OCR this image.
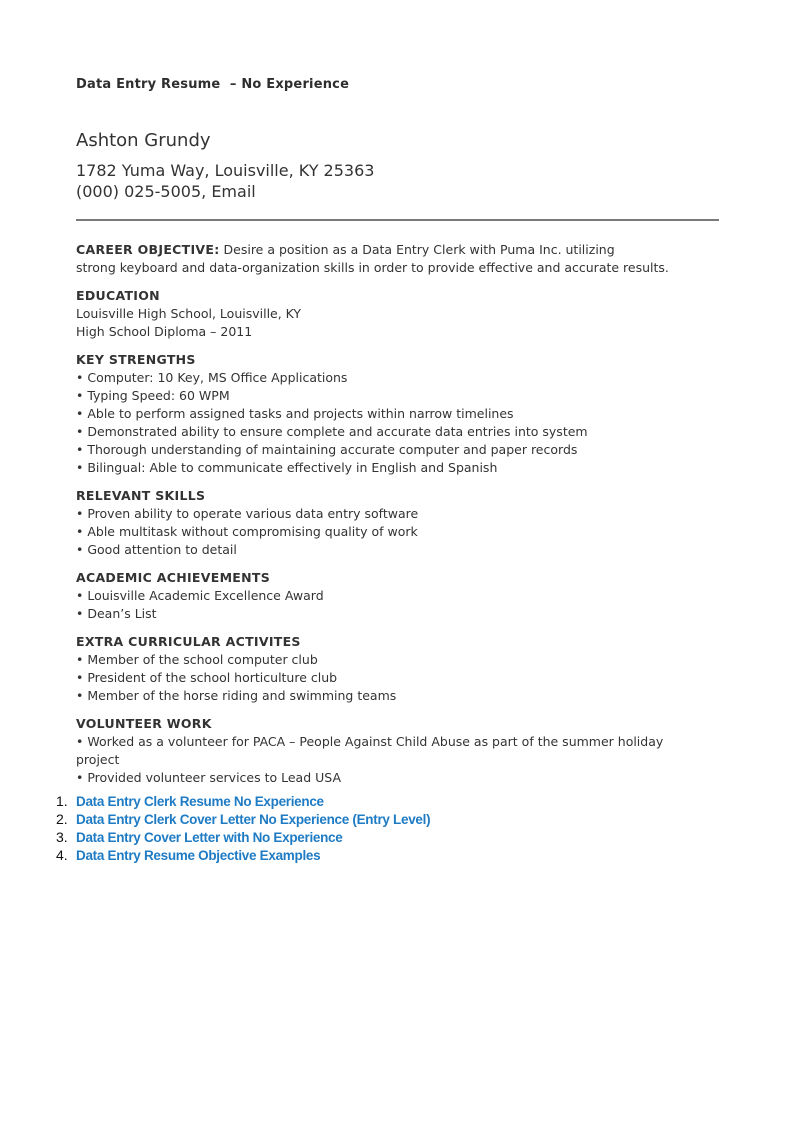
Data Entry Resume  – No Experience
Ashton Grundy
1782 Yuma Way, Louisville, KY 25363
(000) 025-5005, Email

CAREER OBJECTIVE: Desire a position as a Data Entry Clerk with Puma Inc. utilizing

strong keyboard and data-organization skills in order to provide effective and accurate results.

EDUCATION

Louisville High School, Louisville, KY

High School Diploma – 2011

KEY STRENGTHS

• Computer: 10 Key, MS Office Applications

• Typing Speed: 60 WPM

• Able to perform assigned tasks and projects within narrow timelines

• Demonstrated ability to ensure complete and accurate data entries into system

• Thorough understanding of maintaining accurate computer and paper records

• Bilingual: Able to communicate effectively in English and Spanish

RELEVANT SKILLS

• Proven ability to operate various data entry software

• Able multitask without compromising quality of work

• Good attention to detail

ACADEMIC ACHIEVEMENTS

• Louisville Academic Excellence Award

• Dean’s List

EXTRA CURRICULAR ACTIVITES

• Member of the school computer club

• President of the school horticulture club

• Member of the horse riding and swimming teams

VOLUNTEER WORK

• Worked as a volunteer for PACA – People Against Child Abuse as part of the summer holiday

project

• Provided volunteer services to Lead USA

1. Data Entry Clerk Resume No Experience
2. Data Entry Clerk Cover Letter No Experience (Entry Level)
3. Data Entry Cover Letter with No Experience
4. Data Entry Resume Objective Examples
